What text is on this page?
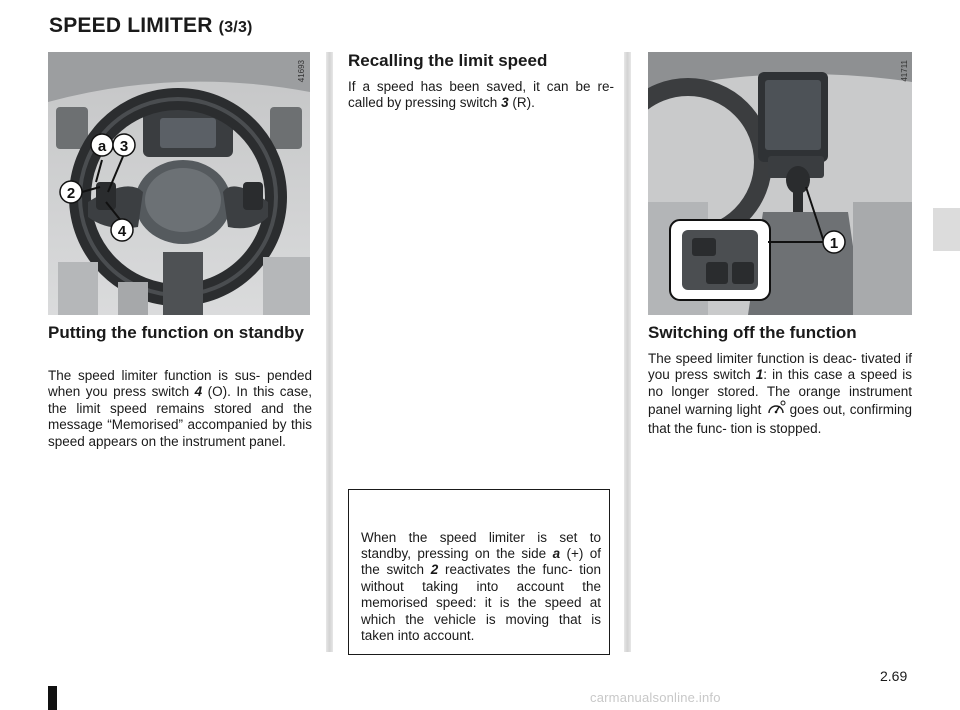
SPEED LIMITER (3/3)
a 3
2
4
41693
1
41711
Putting the function on standby

The speed limiter function is sus- pended when you press switch 4 (O). In this case, the limit speed remains stored and the message “Memorised” accompanied by this speed appears on the instrument panel.

Recalling the limit speed

If a speed has been saved, it can be re- called by pressing switch 3 (R).

When the speed limiter is set to standby, pressing on the side a (+) of the switch 2 reactivates the func- tion without taking into account the memorised speed: it is the speed at which the vehicle is moving that is taken into account.

Switching off the function

The speed limiter function is deac- tivated if you press switch 1: in this case a speed is no longer stored. The orange instrument panel warning light  goes out, confirming that the func- tion is stopped.

2.69
carmanualsonline.info
